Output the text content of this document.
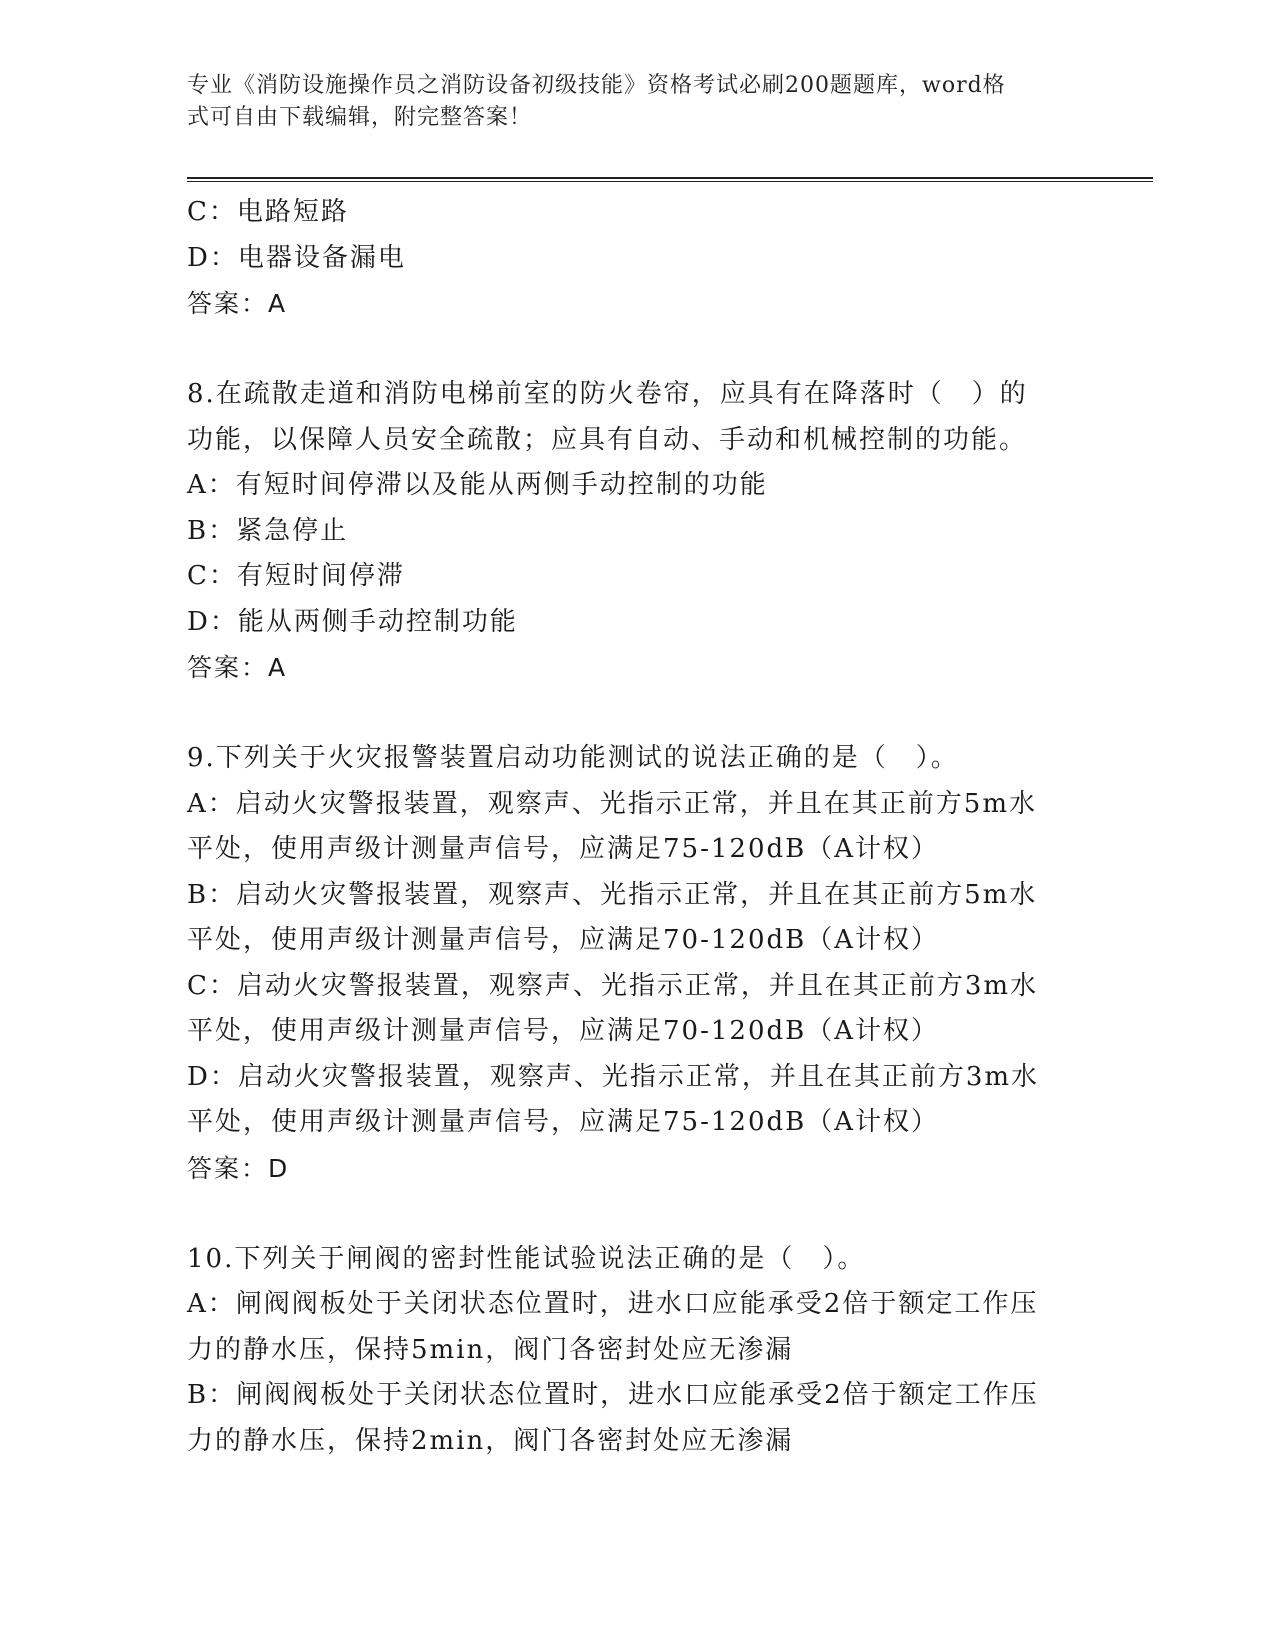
专业《消防设施操作员之消防设备初级技能》资格考试必刷200题题库，word格
式可自由下载编辑，附完整答案！

C：电路短路

D：电器设备漏电

答案：A

8.在疏散走道和消防电梯前室的防火卷帘，应具有在降落时（　）的

功能，以保障人员安全疏散；应具有自动、手动和机械控制的功能。

A：有短时间停滞以及能从两侧手动控制的功能

B：紧急停止

C：有短时间停滞

D：能从两侧手动控制功能

答案：A

9.下列关于火灾报警装置启动功能测试的说法正确的是（　）。

A：启动火灾警报装置，观察声、光指示正常，并且在其正前方5m水

平处，使用声级计测量声信号，应满足75-120dB（A计权）

B：启动火灾警报装置，观察声、光指示正常，并且在其正前方5m水

平处，使用声级计测量声信号，应满足70-120dB（A计权）

C：启动火灾警报装置，观察声、光指示正常，并且在其正前方3m水

平处，使用声级计测量声信号，应满足70-120dB（A计权）

D：启动火灾警报装置，观察声、光指示正常，并且在其正前方3m水

平处，使用声级计测量声信号，应满足75-120dB（A计权）

答案：D

10.下列关于闸阀的密封性能试验说法正确的是（　）。

A：闸阀阀板处于关闭状态位置时，进水口应能承受2倍于额定工作压

力的静水压，保持5min，阀门各密封处应无渗漏

B：闸阀阀板处于关闭状态位置时，进水口应能承受2倍于额定工作压

力的静水压，保持2min，阀门各密封处应无渗漏
